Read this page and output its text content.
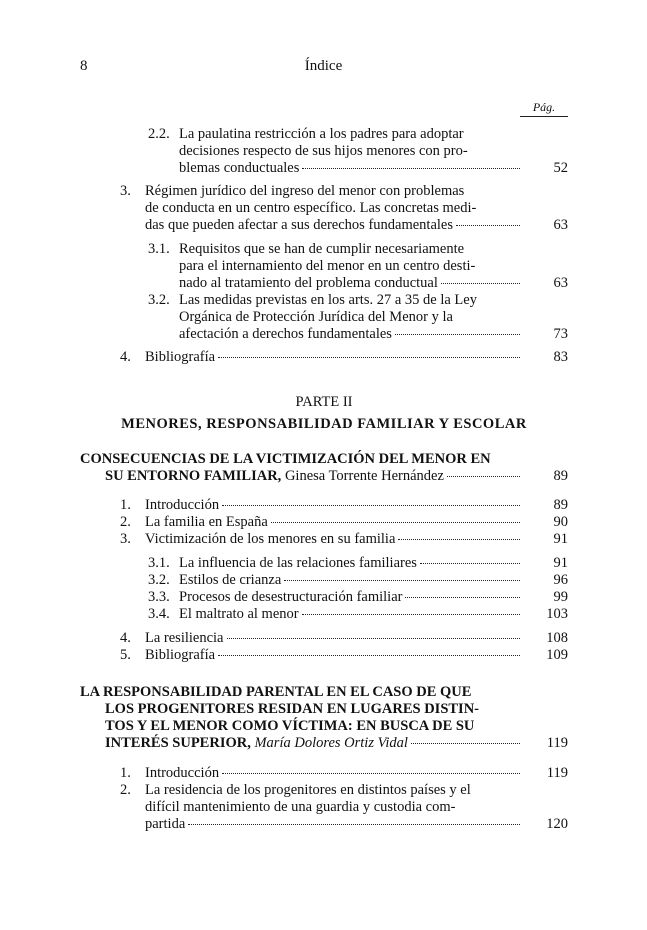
8	Índice
Pág.
2.2. La paulatina restricción a los padres para adoptar
decisiones respecto de sus hijos menores con pro-
blemas conductuales	52
3. Régimen jurídico del ingreso del menor con problemas
de conducta en un centro específico. Las concretas medi-
das que pueden afectar a sus derechos fundamentales	63
3.1. Requisitos que se han de cumplir necesariamente
para el internamiento del menor en un centro desti-
nado al tratamiento del problema conductual	63
3.2. Las medidas previstas en los arts. 27 a 35 de la Ley
Orgánica de Protección Jurídica del Menor y la
afectación a derechos fundamentales	73
4. Bibliografía	83
PARTE II
MENORES, RESPONSABILIDAD FAMILIAR Y ESCOLAR
CONSECUENCIAS DE LA VICTIMIZACIÓN DEL MENOR EN
SU ENTORNO FAMILIAR,
Ginesa Torrente Hernández	89
1. Introducción	89
2. La familia en España	90
3. Victimización de los menores en su familia	91
3.1. La influencia de las relaciones familiares	91
3.2. Estilos de crianza	96
3.3. Procesos de desestructuración familiar	99
3.4. El maltrato al menor	103
4. La resiliencia	108
5. Bibliografía	109
LA RESPONSABILIDAD PARENTAL EN EL CASO DE QUE
LOS PROGENITORES RESIDAN EN LUGARES DISTIN-
TOS Y EL MENOR COMO VÍCTIMA: EN BUSCA DE SU
INTERÉS SUPERIOR,
María Dolores Ortiz Vidal	119
1. Introducción	119
2. La residencia de los progenitores en distintos países y el
difícil mantenimiento de una guardia y custodia com-
partida	120
